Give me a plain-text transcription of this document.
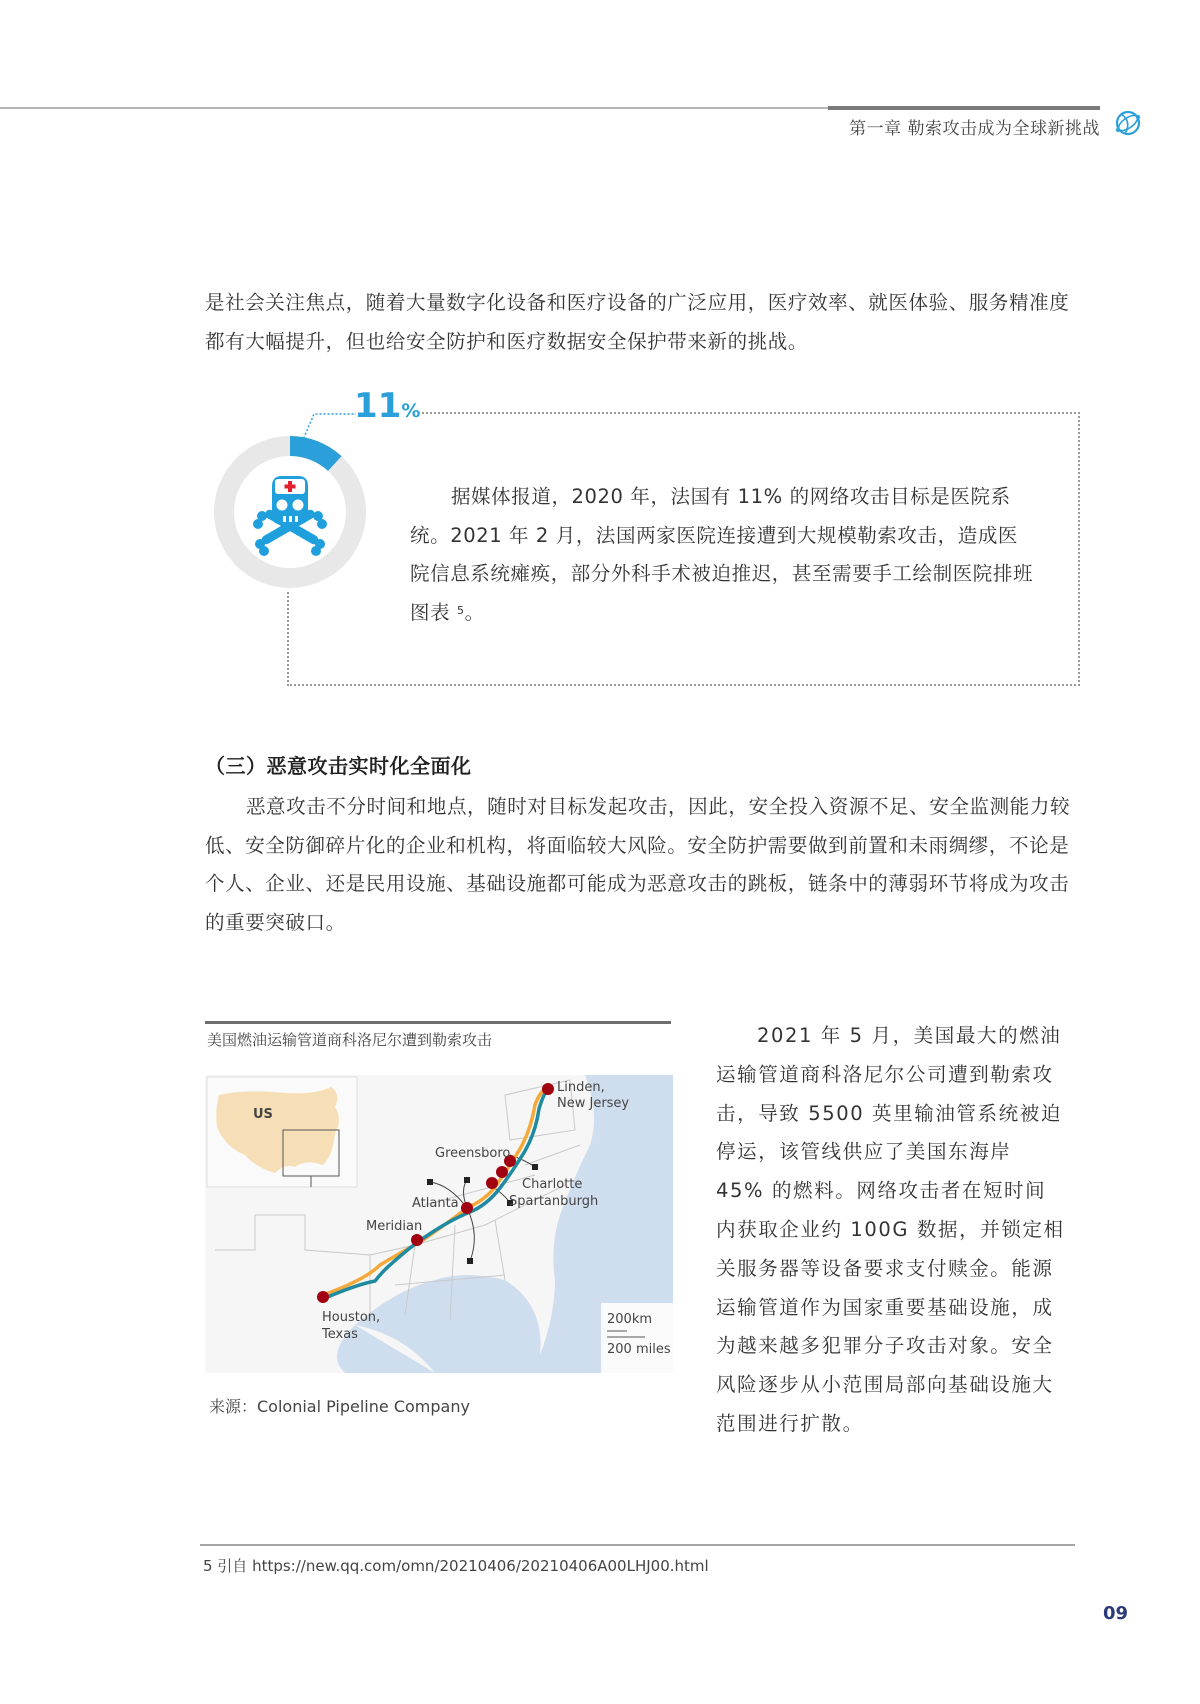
第一章 勒索攻击成为全球新挑战
是社会关注焦点，随着大量数字化设备和医疗设备的广泛应用，医疗效率、就医体验、服务精准度都有大幅提升，但也给安全防护和医疗数据安全保护带来新的挑战。
11%
据媒体报道，2020 年，法国有 11% 的网络攻击目标是医院系统。2021 年 2 月，法国两家医院连接遭到大规模勒索攻击，造成医院信息系统瘫痪，部分外科手术被迫推迟，甚至需要手工绘制医院排班图表 $^5$。
（三）恶意攻击实时化全面化
恶意攻击不分时间和地点，随时对目标发起攻击，因此，安全投入资源不足、安全监测能力较低、安全防御碎片化的企业和机构，将面临较大风险。安全防护需要做到前置和未雨绸缪，不论是个人、企业、还是民用设施、基础设施都可能成为恶意攻击的跳板，链条中的薄弱环节将成为攻击的重要突破口。
美国燃油运输管道商科洛尼尔遭到勒索攻击
US
Linden,
New Jersey
Greensboro
Charlotte
Spartanburgh
Atlanta
Meridian
Houston,
Texas
200km
200 miles
来源：Colonial Pipeline Company
2021 年 5 月，美国最大的燃油运输管道商科洛尼尔公司遭到勒索攻击，导致 5500 英里输油管系统被迫停运，该管线供应了美国东海岸 45% 的燃料。网络攻击者在短时间内获取企业约 100G 数据，并锁定相关服务器等设备要求支付赎金。能源运输管道作为国家重要基础设施，成为越来越多犯罪分子攻击对象。安全风险逐步从小范围局部向基础设施大范围进行扩散。
5 引自 https://new.qq.com/omn/20210406/20210406A00LHJ00.html
09
